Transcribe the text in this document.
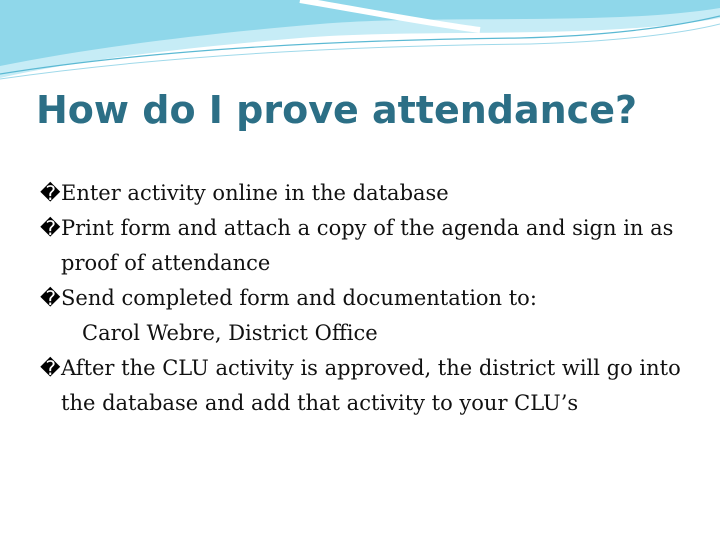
How do I prove attendance?
� Enter activity online in the database
� Print form and attach a copy of the agenda and sign in as proof of attendance
� Send completed form and documentation to:
Carol Webre, District Office
� After the CLU activity is approved, the district will go into the database and add that activity to your CLU’s
